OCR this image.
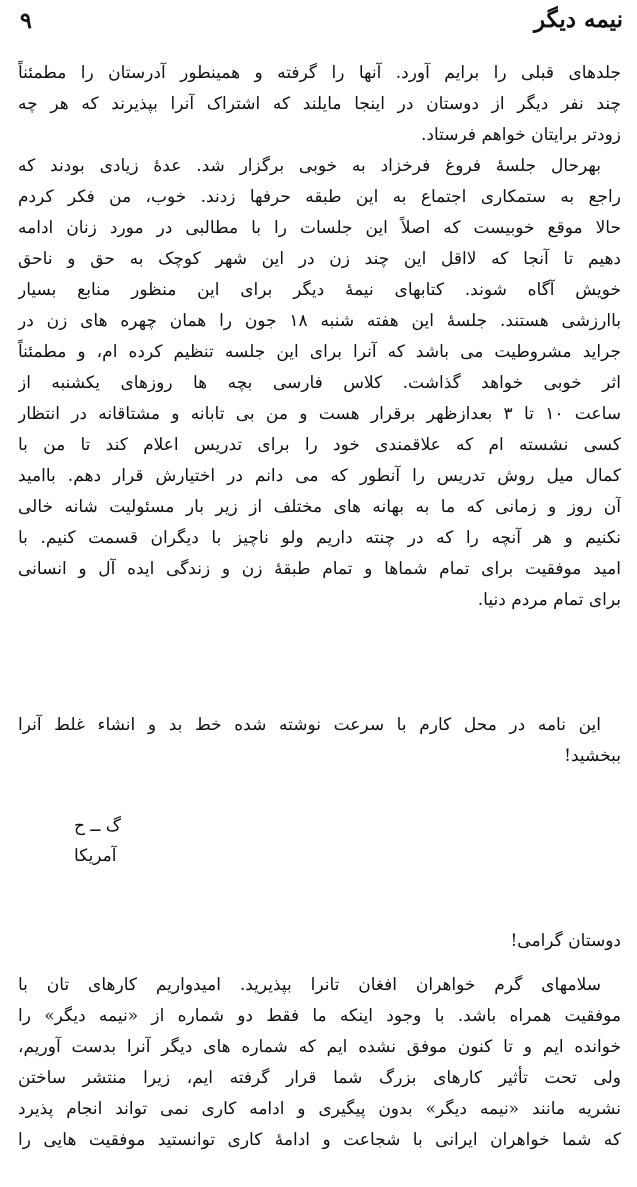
۹	نیمه دیگر
جلدهای قبلی را برایم آورد. آنها را گرفته و همینطور آدرستان را مطمئناً
چند نفر دیگر از دوستان در اینجا مایلند که اشتراک آنرا بپذیرند که هر چه
زودتر برایتان خواهم فرستاد.
بهرحال جلسهٔ فروغ فرخزاد به خوبی برگزار شد. عدهٔ زیادی بودند که
راجع به ستمکاری اجتماع به این طبقه حرفها زدند. خوب، من فکر کردم
حالا موقع خوبیست که اصلاً این جلسات را با مطالبی در مورد زنان ادامه
دهیم تا آنجا که لااقل این چند زن در این شهر کوچک به حق و ناحق
خویش آگاه شوند. کتابهای نیمهٔ دیگر برای این منظور منابع بسیار
باارزشی هستند. جلسهٔ این هفته شنبه ۱۸ جون را همان چهره های زن در
جراید مشروطیت می باشد که آنرا برای این جلسه تنظیم کرده ام، و مطمئناً
اثر خوبی خواهد گذاشت. کلاس فارسی بچه ها روزهای یکشنبه از
ساعت ۱۰ تا ۳ بعدازظهر برقرار هست و من بی تابانه و مشتاقانه در انتظار
کسی نشسته ام که علاقمندی خود را برای تدریس اعلام کند تا من با
کمال میل روش تدریس را آنطور که می دانم در اختیارش قرار دهم. باامید
آن روز و زمانی که ما به بهانه های مختلف از زیر بار مسئولیت شانه خالی
نکنیم و هر آنچه را که در چنته داریم ولو ناچیز با دیگران قسمت کنیم. با
امید موفقیت برای تمام شماها و تمام طبقهٔ زن و زندگی ایده آل و انسانی
برای تمام مردم دنیا.
این نامه در محل کارم با سرعت نوشته شده خط بد و انشاء غلط آنرا
ببخشید!
گ ــ ح
آمریکا
دوستان گرامی!
سلامهای گرم خواهران افغان تانرا بپذیرید. امیدواریم کارهای تان با
موفقیت همراه باشد. با وجود اینکه ما فقط دو شماره از «نیمه دیگر» را
خوانده ایم و تا کنون موفق نشده ایم که شماره های دیگر آنرا بدست آوریم،
ولی تحت تأثیر کارهای بزرگ شما قرار گرفته ایم، زیرا منتشر ساختن
نشریه مانند «نیمه دیگر» بدون پیگیری و ادامه کاری نمی تواند انجام پذیرد
که شما خواهران ایرانی با شجاعت و ادامهٔ کاری توانستید موفقیت هایی را
